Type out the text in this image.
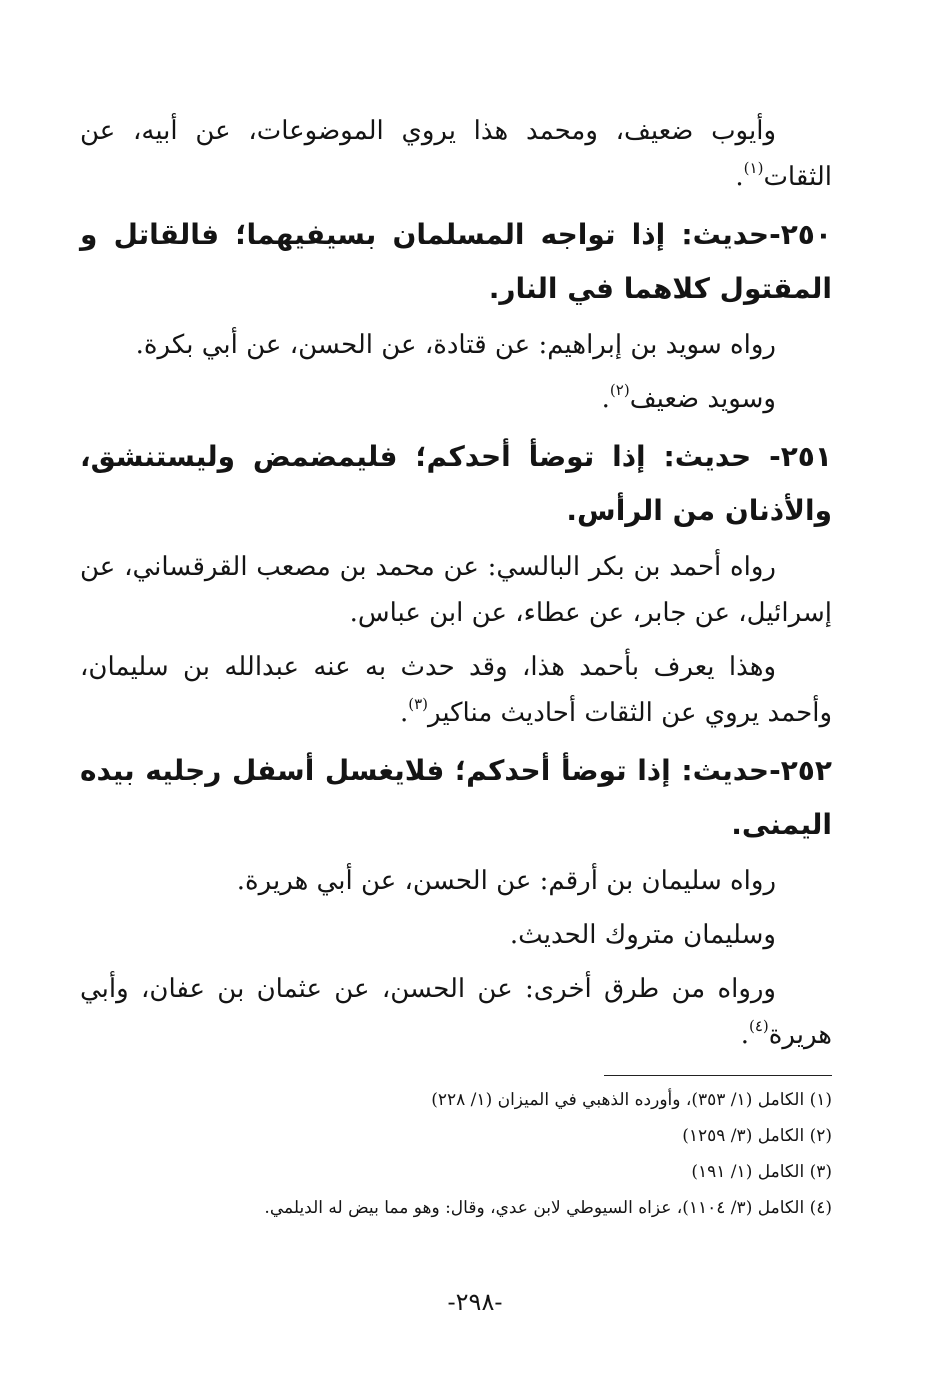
وأيوب ضعيف، ومحمد هذا يروي الموضوعات، عن أبيه، عن الثقات$^{(١)}$.

٢٥٠-حديث: إذا تواجه المسلمان بسيفيهما؛ فالقاتل و المقتول كلاهما في النار.

رواه سويد بن إبراهيم: عن قتادة، عن الحسن، عن أبي بكرة.

وسويد ضعيف$^{(٢)}$.

٢٥١- حديث: إذا توضأ أحدكم؛ فليمضمض وليستنشق، والأذنان من الرأس.

رواه أحمد بن بكر البالسي: عن محمد بن مصعب القرقساني، عن إسرائيل، عن جابر، عن عطاء، عن ابن عباس.

وهذا يعرف بأحمد هذا، وقد حدث به عنه عبدالله بن سليمان، وأحمد يروي عن الثقات أحاديث مناكير$^{(٣)}$.

٢٥٢-حديث: إذا توضأ أحدكم؛ فلايغسل أسفل رجليه بيده اليمنى.

رواه سليمان بن أرقم: عن الحسن، عن أبي هريرة.

وسليمان متروك الحديث.

ورواه من طرق أخرى: عن الحسن، عن عثمان بن عفان، وأبي هريرة$^{(٤)}$.

(١) الكامل (١/ ٣٥٣)، وأورده الذهبي في الميزان (١/ ٢٢٨)

(٢) الكامل (٣/ ١٢٥٩)

(٣) الكامل (١/ ١٩١)

(٤) الكامل (٣/ ١١٠٤)، عزاه السيوطي لابن عدي، وقال: وهو مما بيض له الديلمي.

-٢٩٨-
